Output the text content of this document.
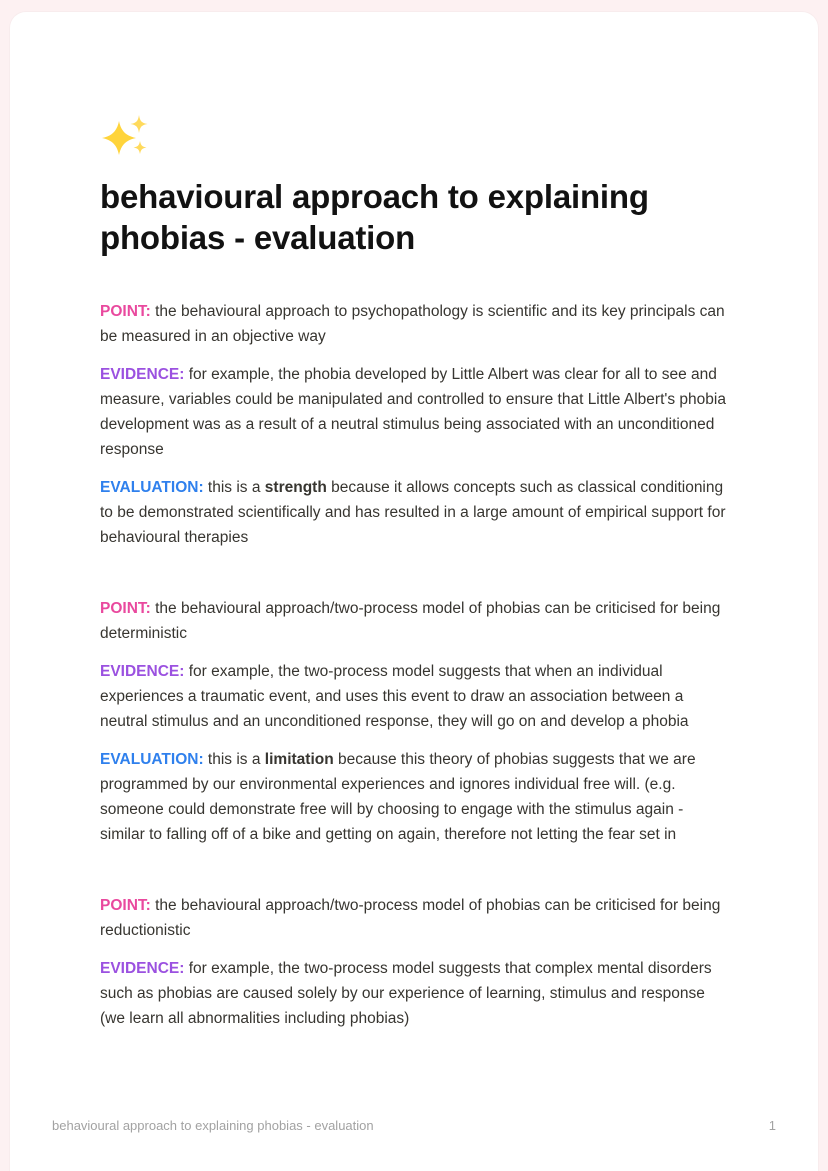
behavioural approach to explaining phobias - evaluation

POINT: the behavioural approach to psychopathology is scientific and its key principals can be measured in an objective way

EVIDENCE: for example, the phobia developed by Little Albert was clear for all to see and measure, variables could be manipulated and controlled to ensure that Little Albert's phobia development was as a result of a neutral stimulus being associated with an unconditioned response

EVALUATION: this is a strength because it allows concepts such as classical conditioning to be demonstrated scientifically and has resulted in a large amount of empirical support for behavioural therapies

POINT: the behavioural approach/two-process model of phobias can be criticised for being deterministic

EVIDENCE: for example, the two-process model suggests that when an individual experiences a traumatic event, and uses this event to draw an association between a neutral stimulus and an unconditioned response, they will go on and develop a phobia

EVALUATION: this is a limitation because this theory of phobias suggests that we are programmed by our environmental experiences and ignores individual free will. (e.g. someone could demonstrate free will by choosing to engage with the stimulus again - similar to falling off of a bike and getting on again, therefore not letting the fear set in

POINT: the behavioural approach/two-process model of phobias can be criticised for being reductionistic

EVIDENCE: for example, the two-process model suggests that complex mental disorders such as phobias are caused solely by our experience of learning, stimulus and response (we learn all abnormalities including phobias)

behavioural approach to explaining phobias - evaluation	1
